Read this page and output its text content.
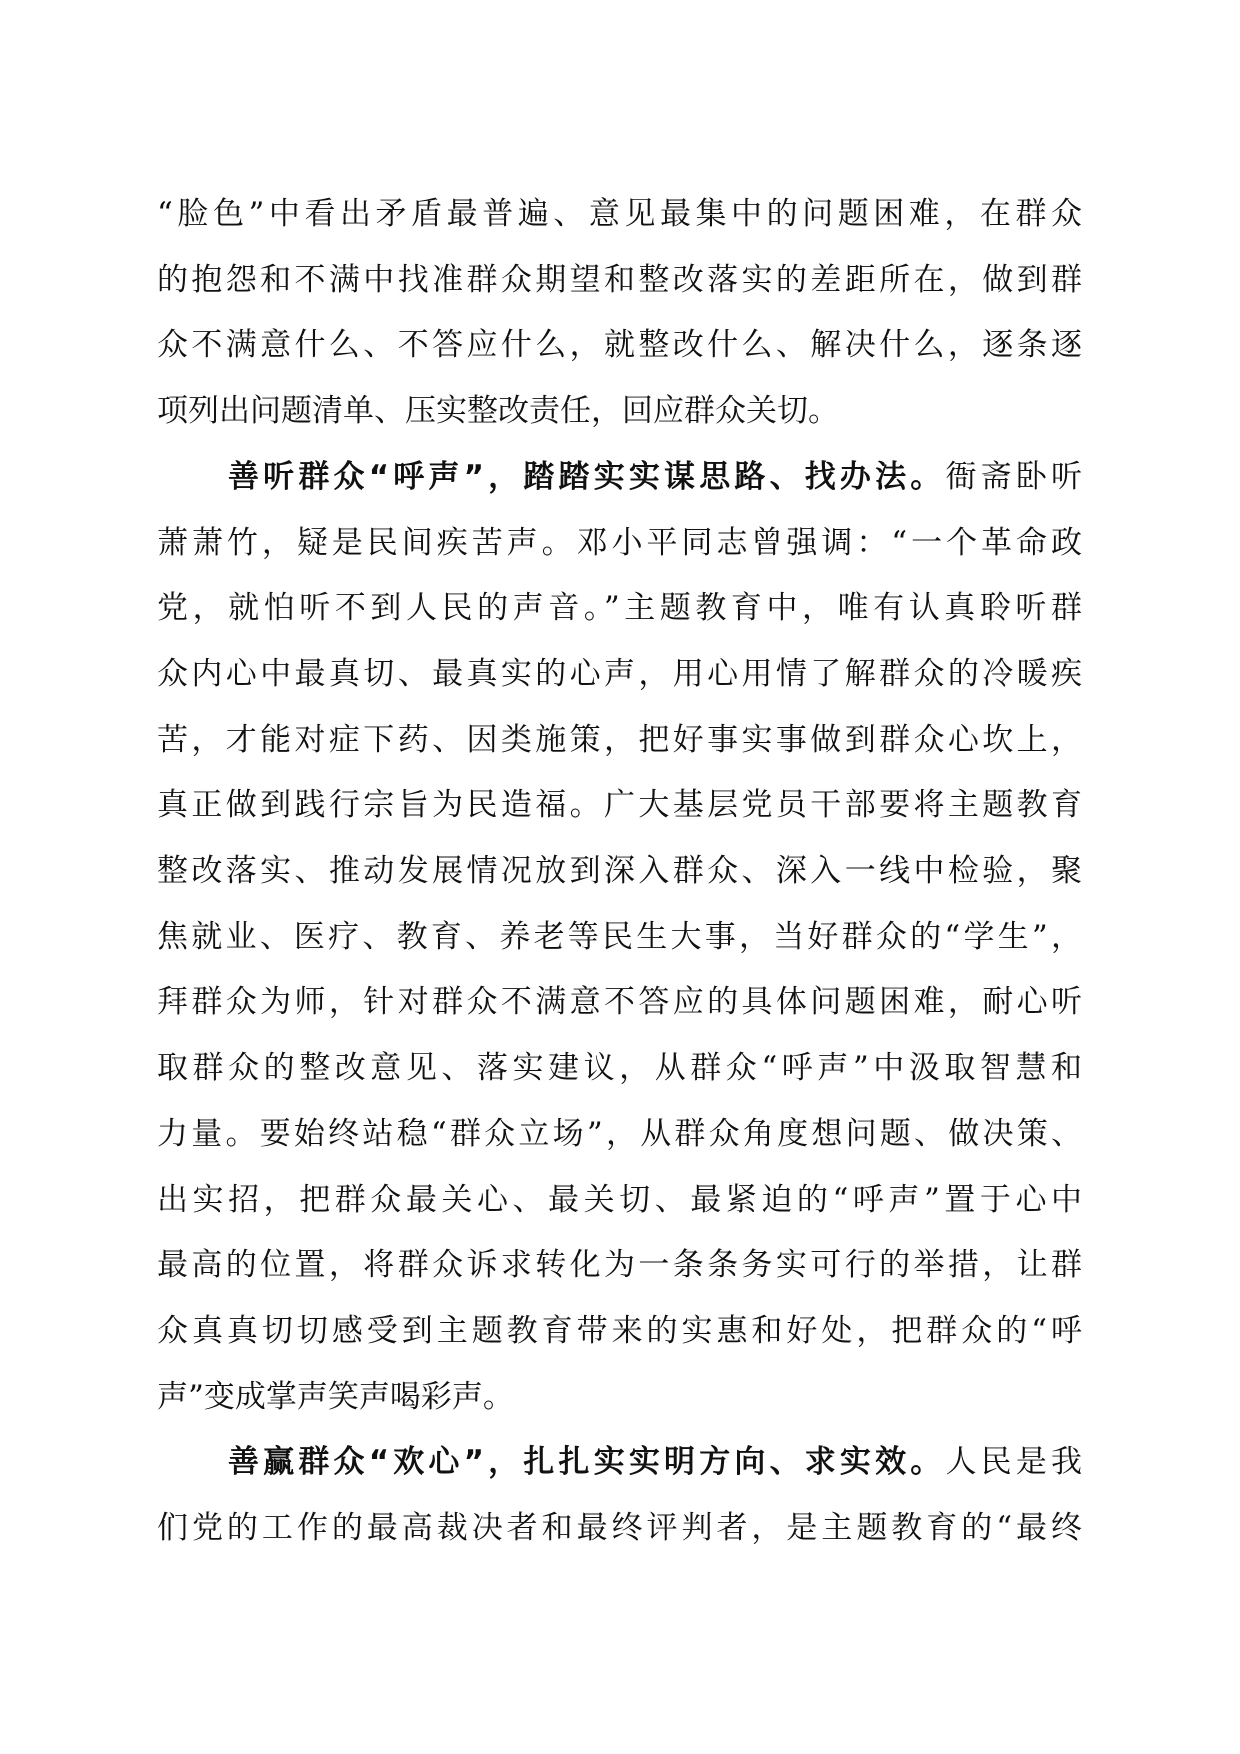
“脸色”中看出矛盾最普遍、意见最集中的问题困难，在群众
的抱怨和不满中找准群众期望和整改落实的差距所在，做到群
众不满意什么、不答应什么，就整改什么、解决什么，逐条逐
项列出问题清单、压实整改责任，回应群众关切。
善听群众“呼声”，踏踏实实谋思路、找办法。衙斋卧听
萧萧竹，疑是民间疾苦声。邓小平同志曾强调：“一个革命政
党，就怕听不到人民的声音。”主题教育中，唯有认真聆听群
众内心中最真切、最真实的心声，用心用情了解群众的冷暖疾
苦，才能对症下药、因类施策，把好事实事做到群众心坎上，
真正做到践行宗旨为民造福。广大基层党员干部要将主题教育
整改落实、推动发展情况放到深入群众、深入一线中检验，聚
焦就业、医疗、教育、养老等民生大事，当好群众的“学生”，
拜群众为师，针对群众不满意不答应的具体问题困难，耐心听
取群众的整改意见、落实建议，从群众“呼声”中汲取智慧和
力量。要始终站稳“群众立场”，从群众角度想问题、做决策、
出实招，把群众最关心、最关切、最紧迫的“呼声”置于心中
最高的位置，将群众诉求转化为一条条务实可行的举措，让群
众真真切切感受到主题教育带来的实惠和好处，把群众的“呼
声”变成掌声笑声喝彩声。
善赢群众“欢心”，扎扎实实明方向、求实效。人民是我
们党的工作的最高裁决者和最终评判者，是主题教育的“最终
